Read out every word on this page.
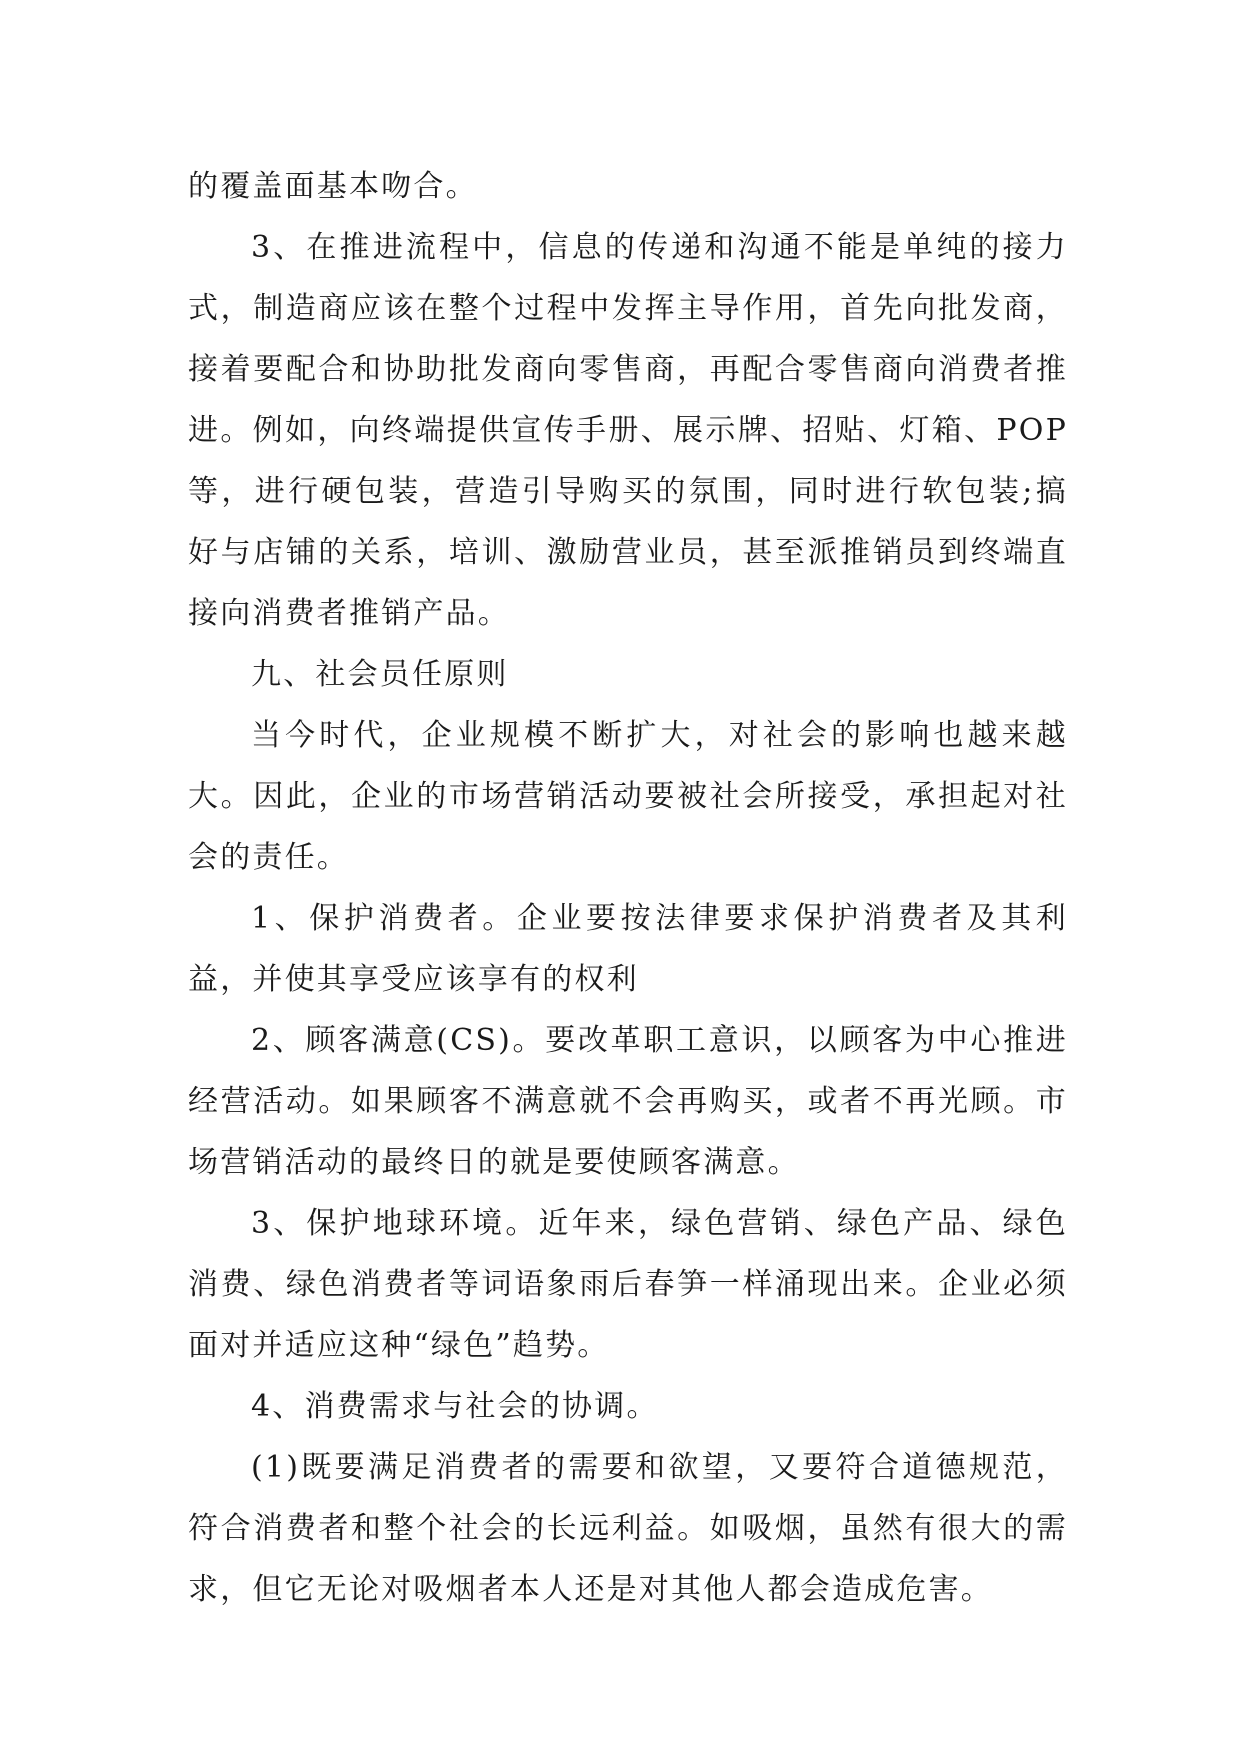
的覆盖面基本吻合。

3、在推进流程中，信息的传递和沟通不能是单纯的接力式，制造商应该在整个过程中发挥主导作用，首先向批发商，接着要配合和协助批发商向零售商，再配合零售商向消费者推进。例如，向终端提供宣传手册、展示牌、招贴、灯箱、POP等，进行硬包装，营造引导购买的氛围，同时进行软包装;搞好与店铺的关系，培训、激励营业员，甚至派推销员到终端直接向消费者推销产品。

九、社会员任原则

当今时代，企业规模不断扩大，对社会的影响也越来越大。因此，企业的市场营销活动要被社会所接受，承担起对社会的责任。

1、保护消费者。企业要按法律要求保护消费者及其利益，并使其享受应该享有的权利

2、顾客满意(CS)。要改革职工意识，以顾客为中心推进经营活动。如果顾客不满意就不会再购买，或者不再光顾。市场营销活动的最终日的就是要使顾客满意。

3、保护地球环境。近年来，绿色营销、绿色产品、绿色消费、绿色消费者等词语象雨后春笋一样涌现出来。企业必须面对并适应这种“绿色”趋势。

4、消费需求与社会的协调。

(1)既要满足消费者的需要和欲望，又要符合道德规范，符合消费者和整个社会的长远利益。如吸烟，虽然有很大的需求，但它无论对吸烟者本人还是对其他人都会造成危害。
